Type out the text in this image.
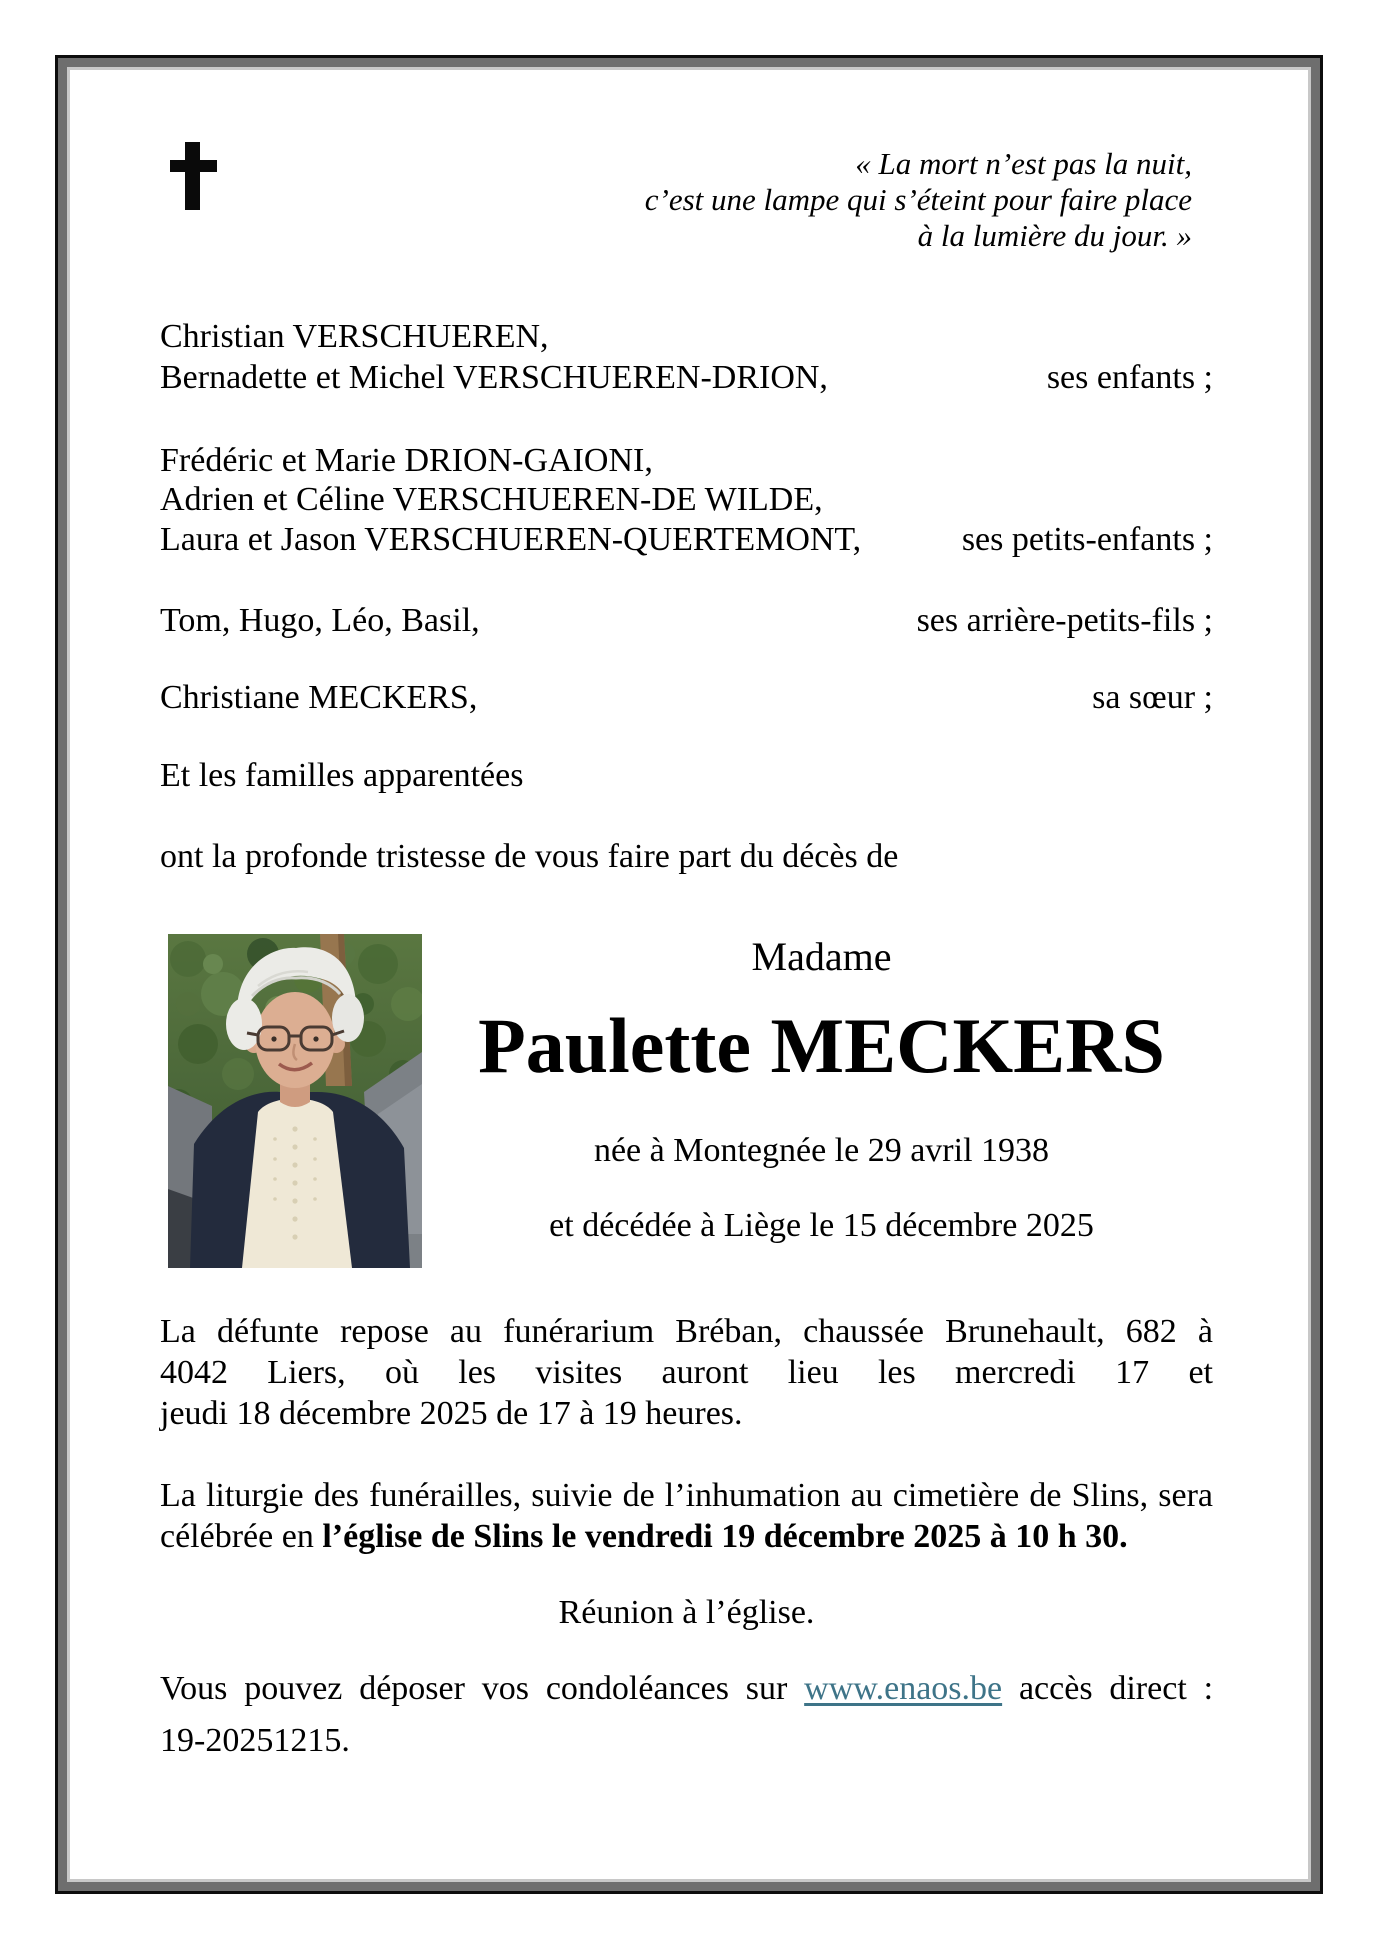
« La mort n’est pas la nuit,
c’est une lampe qui s’éteint pour faire place
à la lumière du jour. »
Christian VERSCHUEREN,
Bernadette et Michel VERSCHUEREN-DRION,	ses enfants ;
Frédéric et Marie DRION-GAIONI,
Adrien et Céline VERSCHUEREN-DE WILDE,
Laura et Jason VERSCHUEREN-QUERTEMONT,	ses petits-enfants ;
Tom, Hugo, Léo, Basil,	ses arrière-petits-fils ;
Christiane MECKERS,	sa sœur ;
Et les familles apparentées
ont la profonde tristesse de vous faire part du décès de
Madame
Paulette MECKERS
née à Montegnée le 29 avril 1938
et décédée à Liège le 15 décembre 2025
La défunte repose au funérarium Bréban, chaussée Brunehault, 682 à
4042 Liers, où les visites auront lieu les mercredi 17 et
jeudi 18 décembre 2025 de 17 à 19 heures.
La liturgie des funérailles, suivie de l’inhumation au cimetière de Slins, sera
célébrée en l’église de Slins le vendredi 19 décembre 2025 à 10 h 30.
Réunion à l’église.
Vous pouvez déposer vos condoléances sur www.enaos.be accès direct :
19-20251215.
